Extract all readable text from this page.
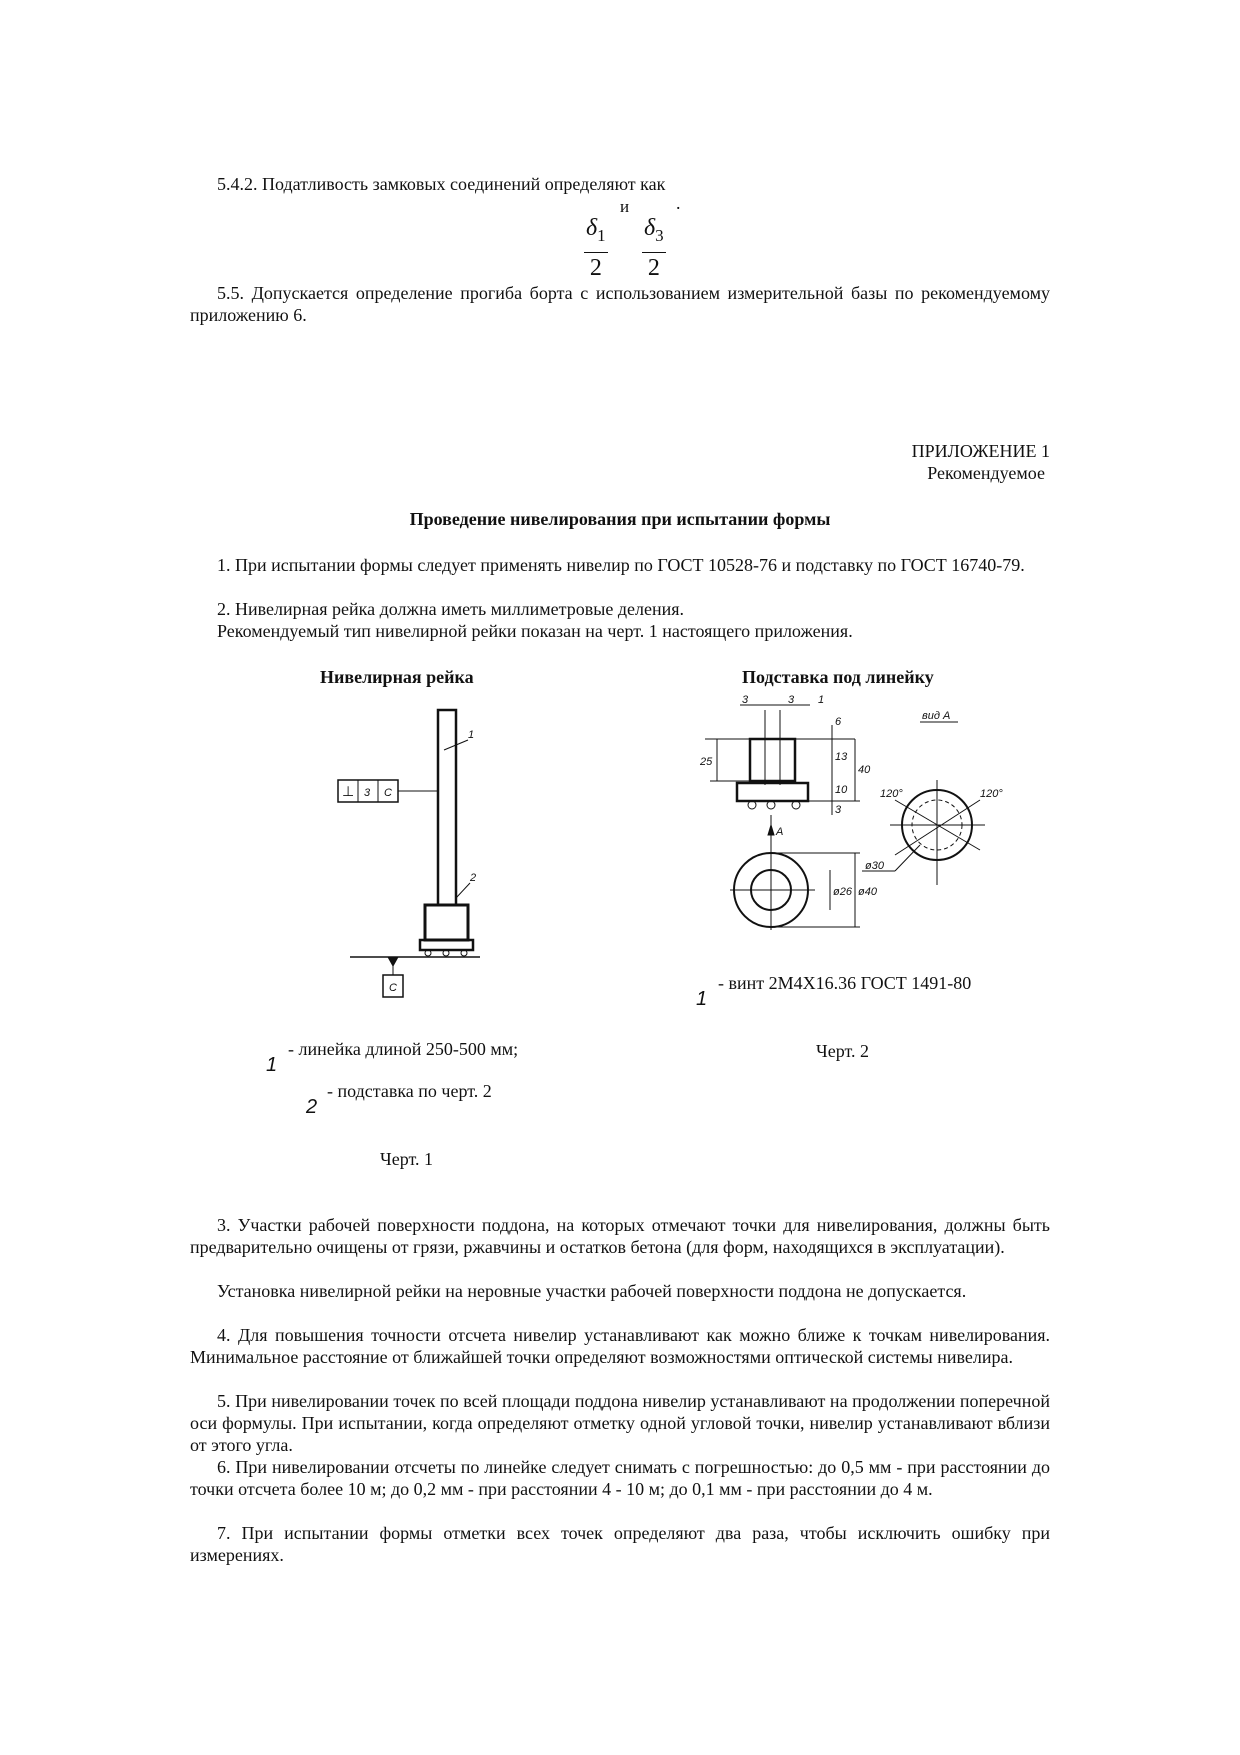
5.4.2. Податливость замковых соединений определяют как
и	.
$\frac{\delta_1}{2} \frac{\delta_3}{2}$
5.5. Допускается определение прогиба борта с использованием измерительной базы по рекомендуемому приложению 6.
ПРИЛОЖЕНИЕ 1
Рекомендуемое
Проведение нивелирования при испытании формы
1. При испытании формы следует применять нивелир по ГОСТ 10528-76 и подставку по ГОСТ 16740-79.
2. Нивелирная рейка должна иметь миллиметровые деления.
Рекомендуемый тип нивелирной рейки показан на черт. 1 настоящего приложения.
Нивелирная рейка
1
2
С
⊥ 3 С
- линейка длиной 250-500 мм;
1
- подставка по черт. 2
2
Черт. 1
Подставка под линейку
3	3 1
6
25	13
40
10
3
А
ø26 ø40
вид А
120°	120°
ø30
- винт 2М4Х16.36 ГОСТ 1491-80
1
Черт. 2
3. Участки рабочей поверхности поддона, на которых отмечают точки для нивелирования, должны быть предварительно очищены от грязи, ржавчины и остатков бетона (для форм, находящихся в эксплуатации).
Установка нивелирной рейки на неровные участки рабочей поверхности поддона не допускается.
4. Для повышения точности отсчета нивелир устанавливают как можно ближе к точкам нивелирования. Минимальное расстояние от ближайшей точки определяют возможностями оптической системы нивелира.
5. При нивелировании точек по всей площади поддона нивелир устанавливают на продолжении поперечной оси формулы. При испытании, когда определяют отметку одной угловой точки, нивелир устанавливают вблизи от этого угла.
6. При нивелировании отсчеты по линейке следует снимать с погрешностью: до 0,5 мм - при расстоянии до точки отсчета более 10 м; до 0,2 мм - при расстоянии 4 - 10 м; до 0,1 мм - при расстоянии до 4 м.
7. При испытании формы отметки всех точек определяют два раза, чтобы исключить ошибку при измерениях.
